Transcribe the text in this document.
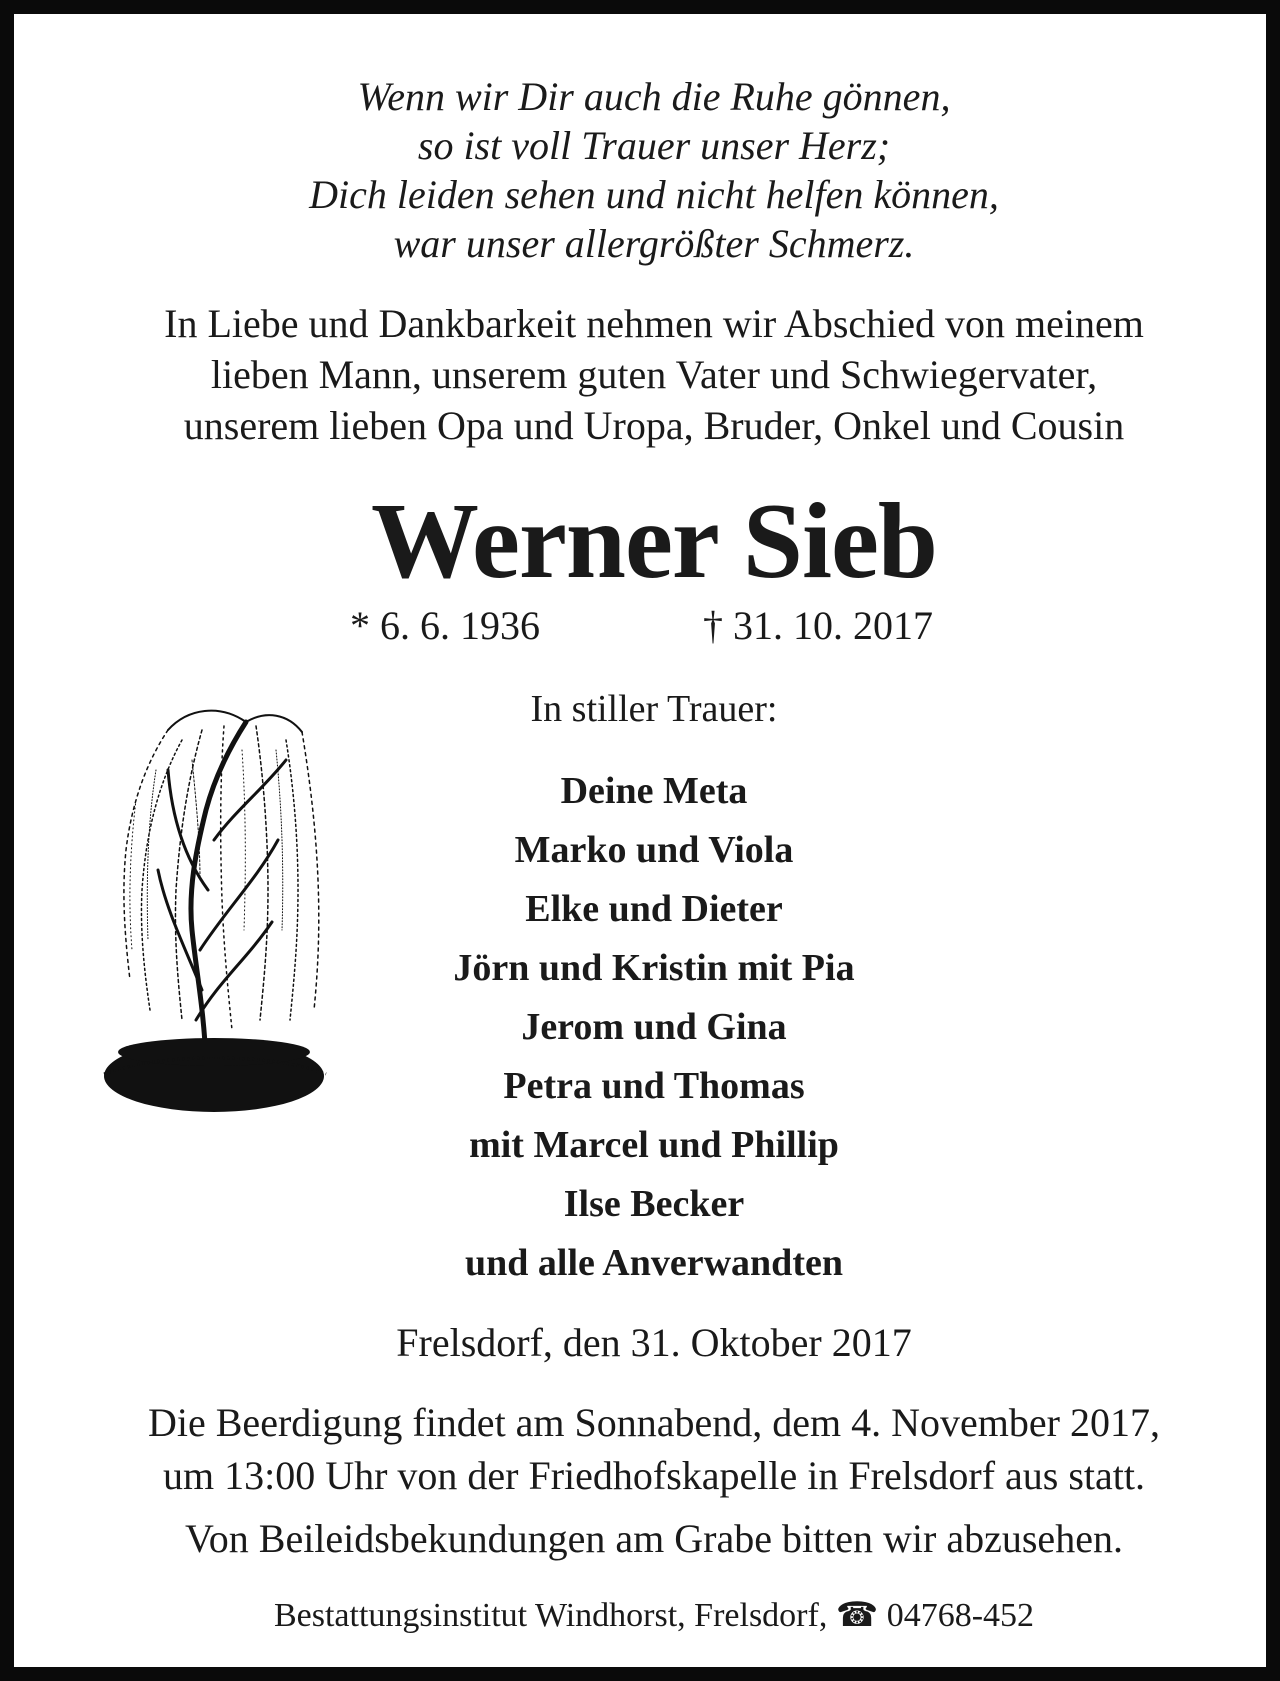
Wenn wir Dir auch die Ruhe gönnen,
so ist voll Trauer unser Herz;
Dich leiden sehen und nicht helfen können,
war unser allergrößter Schmerz.
In Liebe und Dankbarkeit nehmen wir Abschied von meinem
lieben Mann, unserem guten Vater und Schwiegervater,
unserem lieben Opa und Uropa, Bruder, Onkel und Cousin
Werner Sieb
* 6. 6. 1936	† 31. 10. 2017
In stiller Trauer:
Deine Meta
Marko und Viola
Elke und Dieter
Jörn und Kristin mit Pia
Jerom und Gina
Petra und Thomas
mit Marcel und Phillip
Ilse Becker
und alle Anverwandten
Frelsdorf, den 31. Oktober 2017
Die Beerdigung findet am Sonnabend, dem 4. November 2017,
um 13:00 Uhr von der Friedhofskapelle in Frelsdorf aus statt.
Von Beileidsbekundungen am Grabe bitten wir abzusehen.
Bestattungsinstitut Windhorst, Frelsdorf, ☎ 04768-452
